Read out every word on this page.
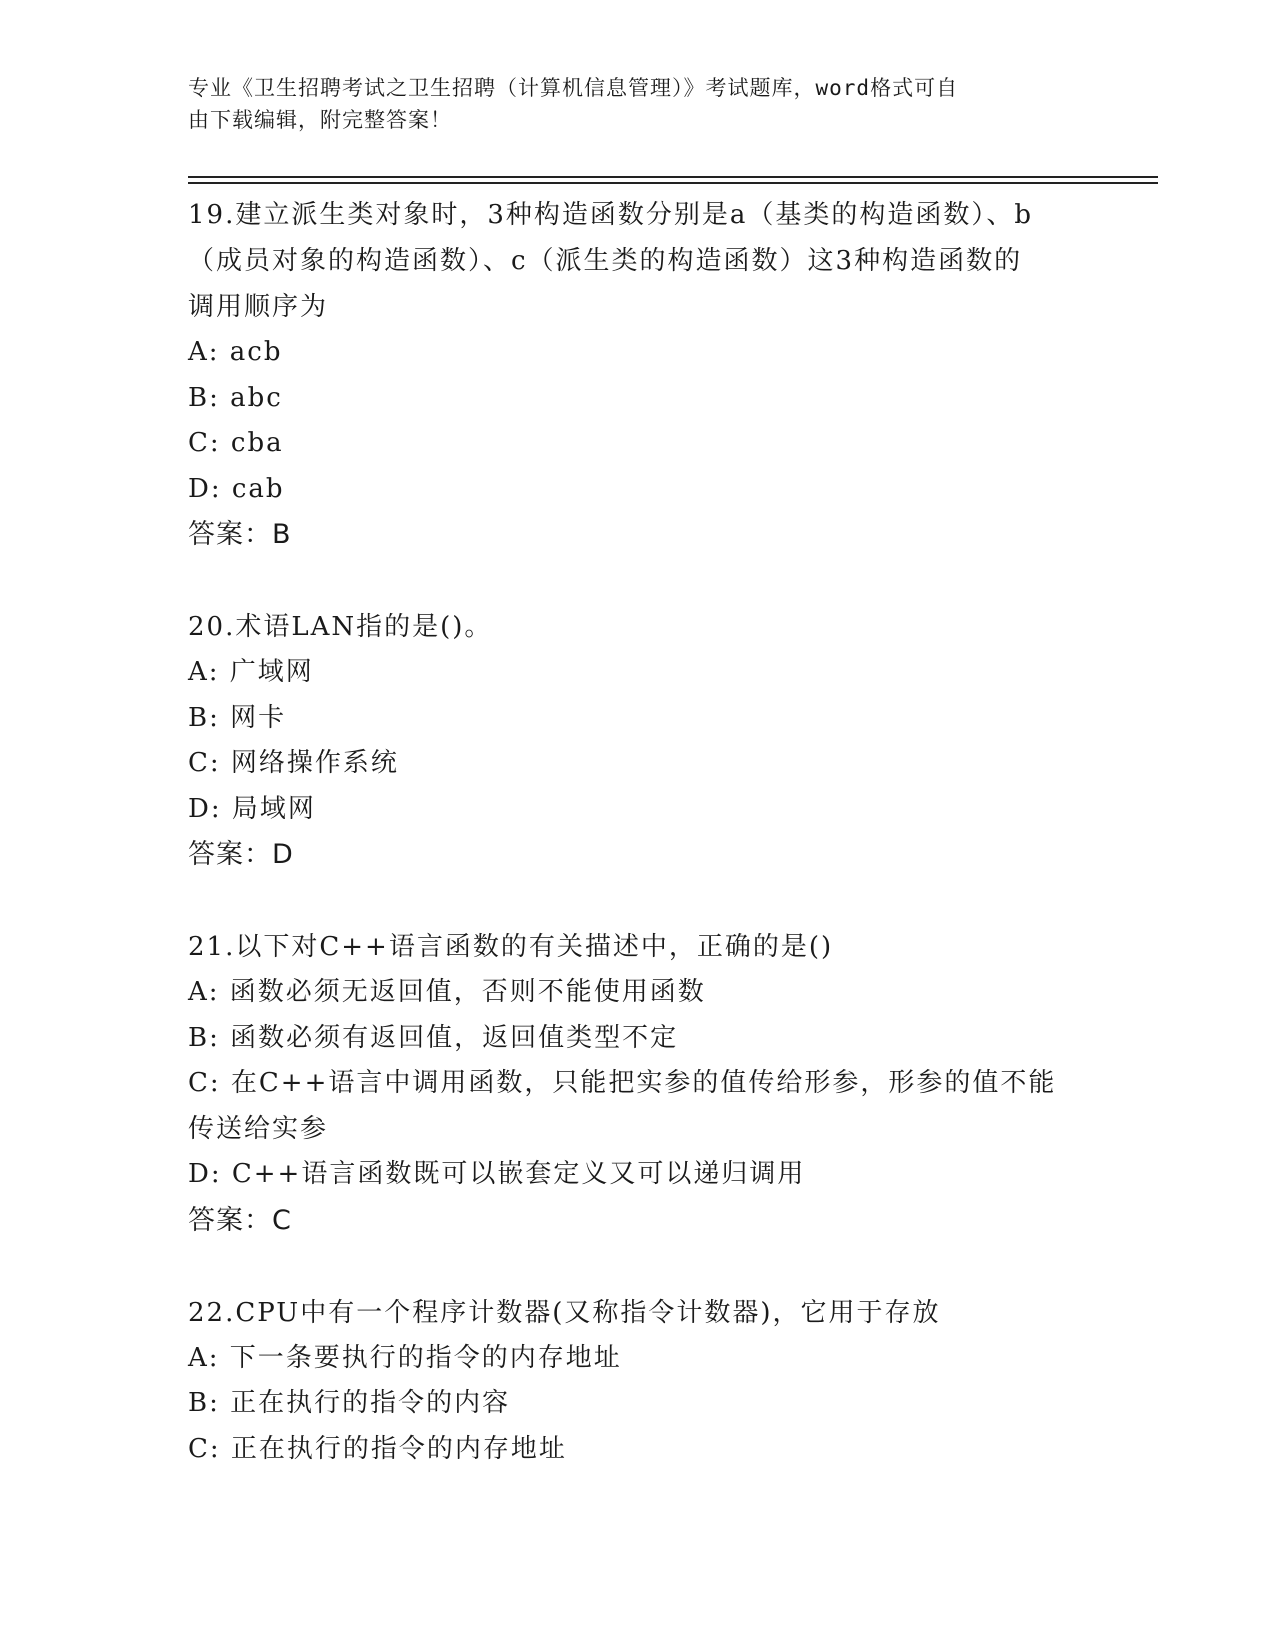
专业《卫生招聘考试之卫生招聘（计算机信息管理）》考试题库，word格式可自
由下载编辑，附完整答案！
19.建立派生类对象时，3种构造函数分别是a（基类的构造函数）、b
（成员对象的构造函数）、c（派生类的构造函数）这3种构造函数的
调用顺序为
A: acb
B: abc
C: cba
D: cab
答案：B
20.术语LAN指的是()。
A: 广域网
B: 网卡
C: 网络操作系统
D: 局域网
答案：D
21.以下对C++语言函数的有关描述中，正确的是()
A: 函数必须无返回值，否则不能使用函数
B: 函数必须有返回值，返回值类型不定
C: 在C++语言中调用函数，只能把实参的值传给形参，形参的值不能
传送给实参
D: C++语言函数既可以嵌套定义又可以递归调用
答案：C
22.CPU中有一个程序计数器(又称指令计数器)，它用于存放
A: 下一条要执行的指令的内存地址
B: 正在执行的指令的内容
C: 正在执行的指令的内存地址
